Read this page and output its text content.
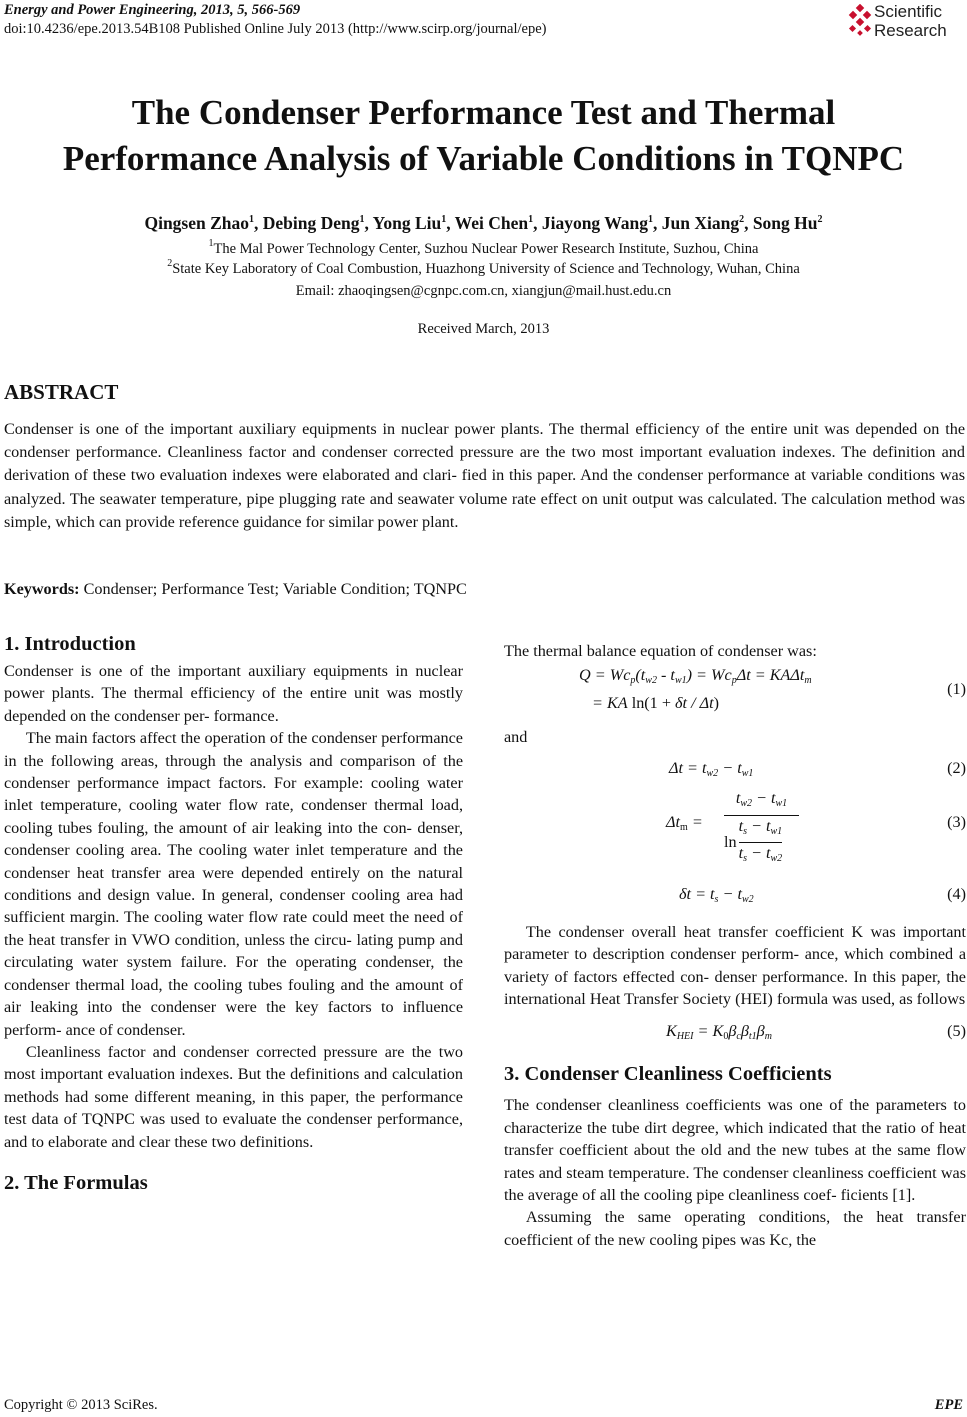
Energy and Power Engineering, 2013, 5, 566-569
doi:10.4236/epe.2013.54B108 Published Online July 2013 (http://www.scirp.org/journal/epe)
Scientific
Research
The Condenser Performance Test and Thermal
Performance Analysis of Variable Conditions in TQNPC
Qingsen Zhao$^1$, Debing Deng$^1$, Yong Liu$^1$, Wei Chen$^1$, Jiayong Wang$^1$, Jun Xiang$^2$, Song Hu$^2$
$^1$The Mal Power Technology Center, Suzhou Nuclear Power Research Institute, Suzhou, China
$^2$State Key Laboratory of Coal Combustion, Huazhong University of Science and Technology, Wuhan, China
Email: zhaoqingsen@cgnpc.com.cn, xiangjun@mail.hust.edu.cn
Received March, 2013
ABSTRACT
Condenser is one of the important auxiliary equipments in nuclear power plants. The thermal efficiency of the entire unit was depended on the condenser performance. Cleanliness factor and condenser corrected pressure are the two most important evaluation indexes. The definition and derivation of these two evaluation indexes were elaborated and clari- fied in this paper. And the condenser performance at variable conditions was analyzed. The seawater temperature, pipe plugging rate and seawater volume rate effect on unit output was calculated. The calculation method was simple, which can provide reference guidance for similar power plant.
Keywords: Condenser; Performance Test; Variable Condition; TQNPC
1. Introduction

Condenser is one of the important auxiliary equipments in nuclear power plants. The thermal efficiency of the entire unit was mostly depended on the condenser per- formance.

The main factors affect the operation of the condenser performance in the following areas, through the analysis and comparison of the condenser performance impact factors. For example: cooling water inlet temperature, cooling water flow rate, condenser thermal load, cooling tubes fouling, the amount of air leaking into the con- denser, condenser cooling area. The cooling water inlet temperature and the condenser heat transfer area were depended entirely on the natural conditions and design value. In general, condenser cooling area had sufficient margin. The cooling water flow rate could meet the need of the heat transfer in VWO condition, unless the circu- lating pump and circulating water system failure. For the operating condenser, the condenser thermal load, the cooling tubes fouling and the amount of air leaking into the condenser were the key factors to influence perform- ance of condenser.

Cleanliness factor and condenser corrected pressure are the two most important evaluation indexes. But the definitions and calculation methods had some different meaning, in this paper, the performance test data of TQNPC was used to evaluate the condenser performance, and to elaborate and clear these two definitions.

2. The Formulas

The thermal balance equation of condenser was:

$Q = Wc_p(t_{w2} - t_{w1}) = Wc_p\Delta t = KA\Delta t_m$
= KA ln(1 + δt / Δt)
(1)

and

$\Delta t = t_{w2} - t_{w1}$	(2)
$\Delta t_m$ =
$t_{w2} - t_{w1}$
ln
$t_s - t_{w1}$
$t_s - t_{w2}$
(3)
$\delta t = t_s - t_{w2}$	(4)

The condenser overall heat transfer coefficient K was important parameter to description condenser perform- ance, which combined a variety of factors effected con- denser performance. In this paper, the international Heat Transfer Society (HEI) formula was used, as follows

$K_{HEI} = K_0\beta_c\beta_{t1}\beta_m$	(5)
3. Condenser Cleanliness Coefficients

The condenser cleanliness coefficients was one of the parameters to characterize the tube dirt degree, which indicated that the ratio of heat transfer coefficient about the old and the new tubes at the same flow rates and steam temperature. The condenser cleanliness coefficient was the average of all the cooling pipe cleanliness coef- ficients [1].

Assuming the same operating conditions, the heat transfer coefficient of the new cooling pipes was Kc, the

Copyright © 2013 SciRes.	EPE
